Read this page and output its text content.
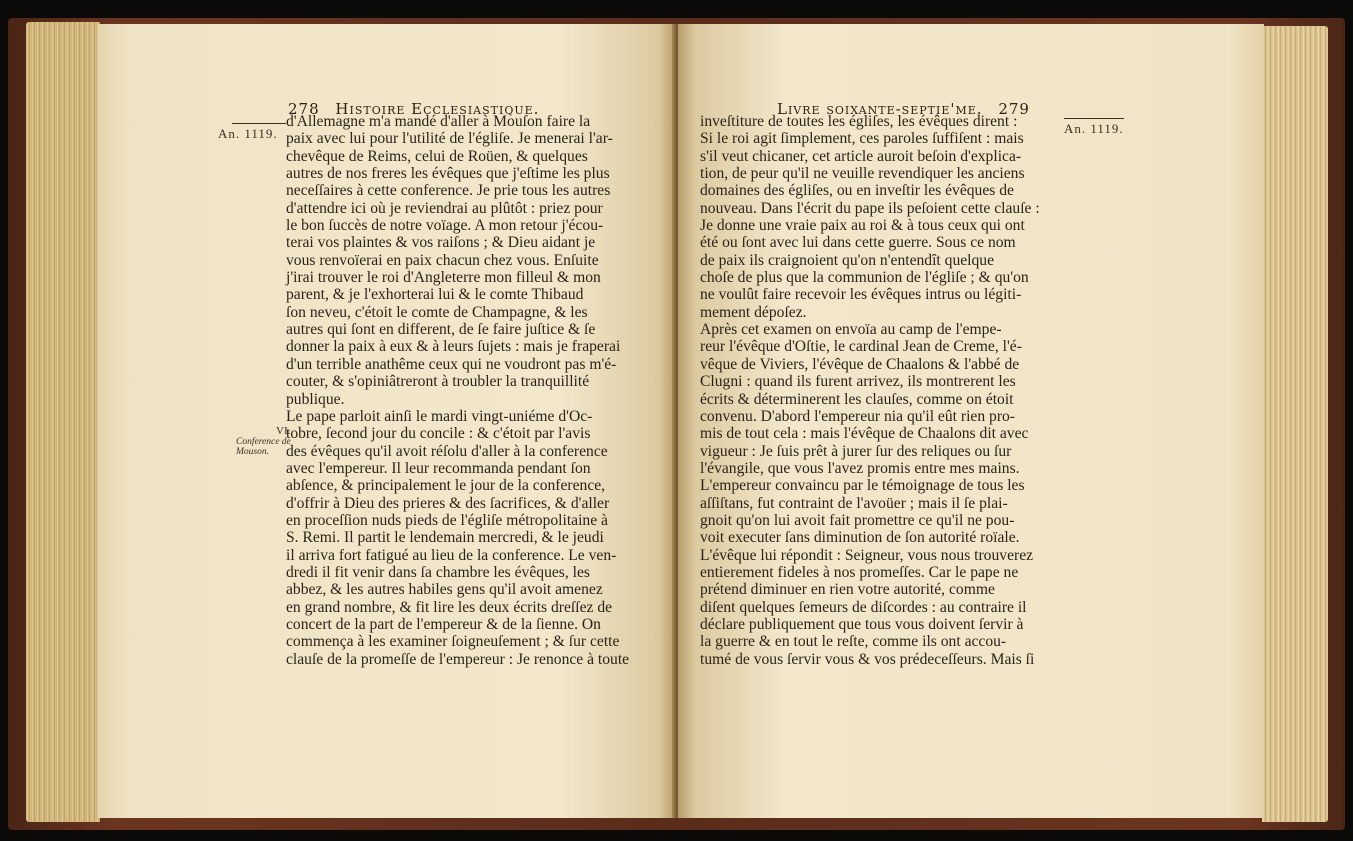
278 Histoire Ecclesiastique.
An. 1119.
VI.
Conference de
Mouson.
d'Allemagne m'a mandé d'aller à Mouſon faire la
paix avec lui pour l'utilité de l'égliſe. Je menerai l'ar-
chevêque de Reims, celui de Roüen, & quelques
autres de nos freres les évêques que j'eſtime les plus
neceſſaires à cette conference. Je prie tous les autres
d'attendre ici où je reviendrai au plûtôt : priez pour
le bon ſuccès de notre voïage. A mon retour j'écou-
terai vos plaintes & vos raiſons ; & Dieu aidant je
vous renvoïerai en paix chacun chez vous. Enſuite
j'irai trouver le roi d'Angleterre mon filleul & mon
parent, & je l'exhorterai lui & le comte Thibaud
ſon neveu, c'étoit le comte de Champagne, & les
autres qui ſont en different, de ſe faire juſtice & ſe
donner la paix à eux & à leurs ſujets : mais je fraperai
d'un terrible anathême ceux qui ne voudront pas m'é-
couter, & s'opiniâtreront à troubler la tranquillité
publique.
Le pape parloit ainſi le mardi vingt-uniéme d'Oc-
tobre, ſecond jour du concile : & c'étoit par l'avis
des évêques qu'il avoit réſolu d'aller à la conference
avec l'empereur. Il leur recommanda pendant ſon
abſence, & principalement le jour de la conference,
d'offrir à Dieu des prieres & des ſacrifices, & d'aller
en proceſſion nuds pieds de l'égliſe métropolitaine à
S. Remi. Il partit le lendemain mercredi, & le jeudi
il arriva fort fatigué au lieu de la conference. Le ven-
dredi il fit venir dans ſa chambre les évêques, les
abbez, & les autres habiles gens qu'il avoit amenez
en grand nombre, & fit lire les deux écrits dreſſez de
concert de la part de l'empereur & de la ſienne. On
commença à les examiner ſoigneuſement ; & ſur cette
clauſe de la promeſſe de l'empereur : Je renonce à toute
Livre soixante-septie'me. 279
An. 1119.
inveſtiture de toutes les égliſes, les évêques dirent :
Si le roi agit ſimplement, ces paroles ſuffiſent : mais
s'il veut chicaner, cet article auroit beſoin d'explica-
tion, de peur qu'il ne veuille revendiquer les anciens
domaines des égliſes, ou en inveſtir les évêques de
nouveau. Dans l'écrit du pape ils peſoient cette clauſe :
Je donne une vraie paix au roi & à tous ceux qui ont
été ou ſont avec lui dans cette guerre. Sous ce nom
de paix ils craignoient qu'on n'entendît quelque
choſe de plus que la communion de l'égliſe ; & qu'on
ne voulût faire recevoir les évêques intrus ou légiti-
mement dépoſez.
Après cet examen on envoïa au camp de l'empe-
reur l'évêque d'Oſtie, le cardinal Jean de Creme, l'é-
vêque de Viviers, l'évêque de Chaalons & l'abbé de
Clugni : quand ils furent arrivez, ils montrerent les
écrits & déterminerent les clauſes, comme on étoit
convenu. D'abord l'empereur nia qu'il eût rien pro-
mis de tout cela : mais l'évêque de Chaalons dit avec
vigueur : Je ſuis prêt à jurer ſur des reliques ou ſur
l'évangile, que vous l'avez promis entre mes mains.
L'empereur convaincu par le témoignage de tous les
aſſiſtans, fut contraint de l'avoüer ; mais il ſe plai-
gnoit qu'on lui avoit fait promettre ce qu'il ne pou-
voit executer ſans diminution de ſon autorité roïale.
L'évêque lui répondit : Seigneur, vous nous trouverez
entierement fideles à nos promeſſes. Car le pape ne
prétend diminuer en rien votre autorité, comme
diſent quelques ſemeurs de diſcordes : au contraire il
déclare publiquement que tous vous doivent ſervir à
la guerre & en tout le reſte, comme ils ont accou-
tumé de vous ſervir vous & vos prédeceſſeurs. Mais ſi
